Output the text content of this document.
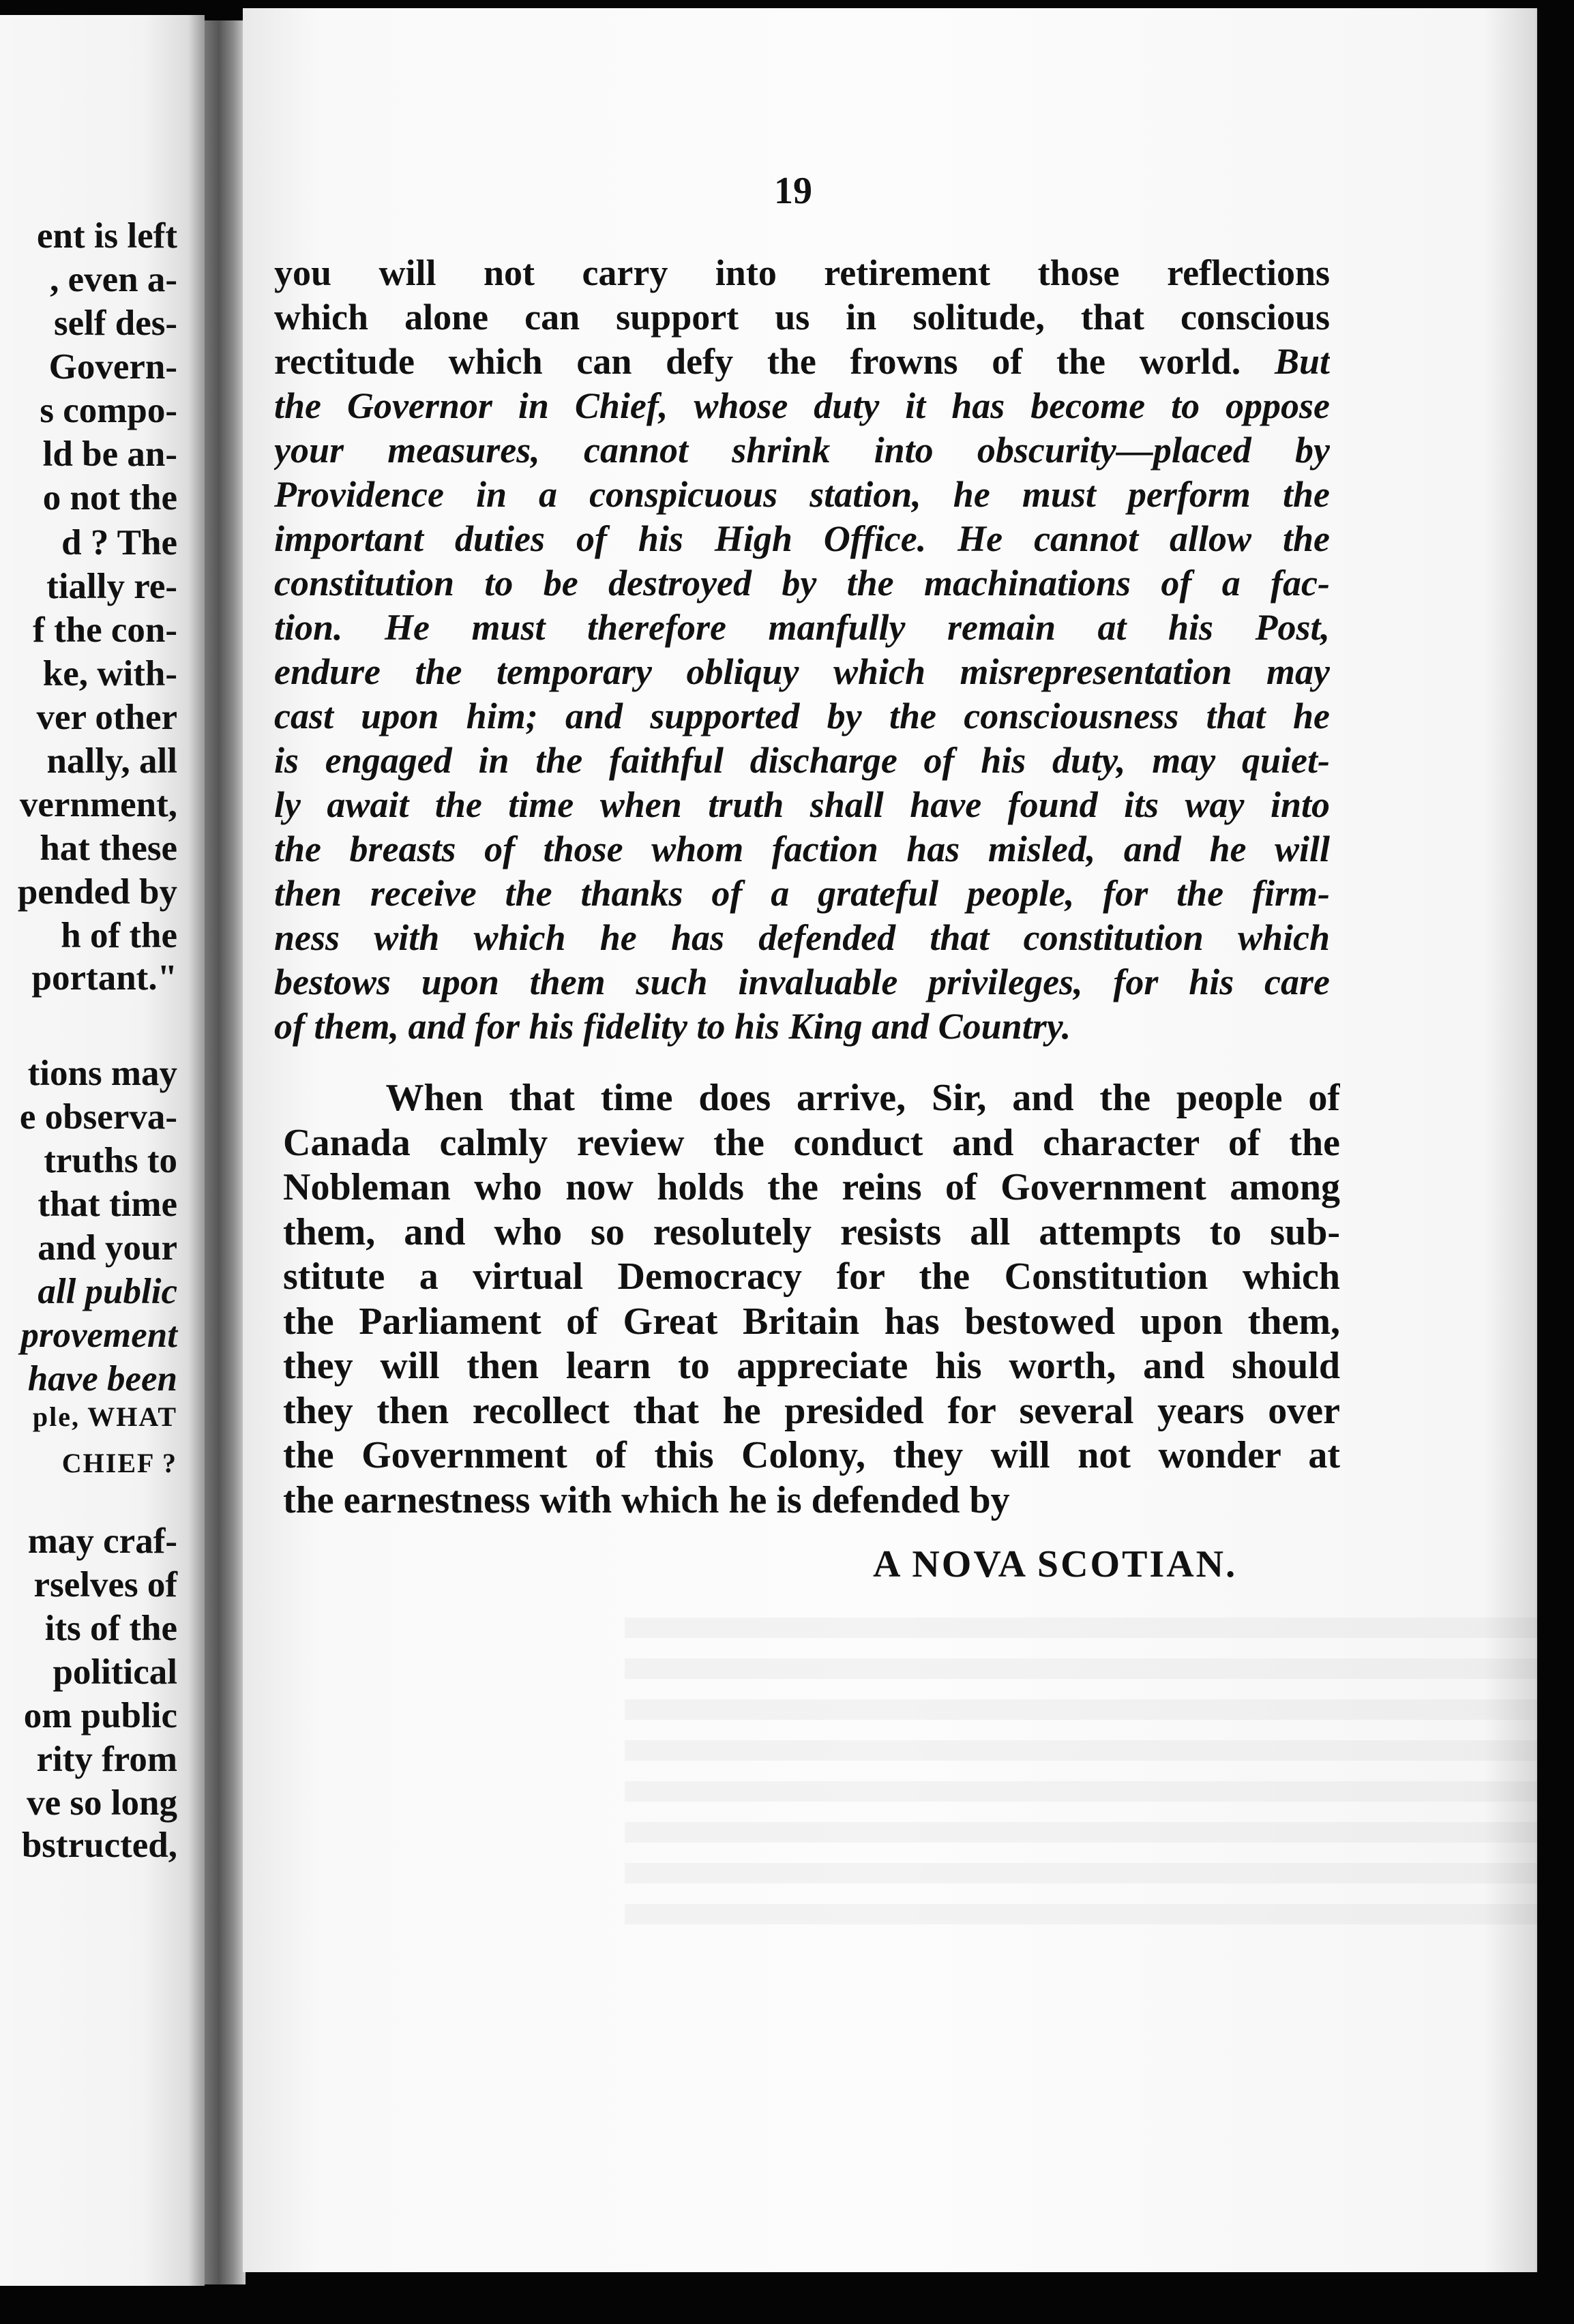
ent is left
, even a-
self des-
Govern-
s compo-
ld be an-
o not the
d ? The
tially re-
f the con-
ke, with-
ver other
nally, all
vernment,
hat these
pended by
h of the
portant."
tions may
e observa-
truths to
that time
and your
all public
provement
have been
ple, WHAT
CHIEF ?
may craf-
rselves of
its of the
political
om public
rity from
ve so long
bstructed,
19
you will not carry into retirement those reflections
which alone can support us in solitude, that conscious
rectitude which can defy the frowns of the world. But
the Governor in Chief, whose duty it has become to oppose
your measures, cannot shrink into obscurity—placed by
Providence in a conspicuous station, he must perform the
important duties of his High Office. He cannot allow the
constitution to be destroyed by the machinations of a fac-
tion. He must therefore manfully remain at his Post,
endure the temporary obliquy which misrepresentation may
cast upon him; and supported by the consciousness that he
is engaged in the faithful discharge of his duty, may quiet-
ly await the time when truth shall have found its way into
the breasts of those whom faction has misled, and he will
then receive the thanks of a grateful people, for the firm-
ness with which he has defended that constitution which
bestows upon them such invaluable privileges, for his care
of them, and for his fidelity to his King and Country.
When that time does arrive, Sir, and the people of
Canada calmly review the conduct and character of the
Nobleman who now holds the reins of Government among
them, and who so resolutely resists all attempts to sub-
stitute a virtual Democracy for the Constitution which
the Parliament of Great Britain has bestowed upon them,
they will then learn to appreciate his worth, and should
they then recollect that he presided for several years over
the Government of this Colony, they will not wonder at
the earnestness with which he is defended by
A NOVA SCOTIAN.
